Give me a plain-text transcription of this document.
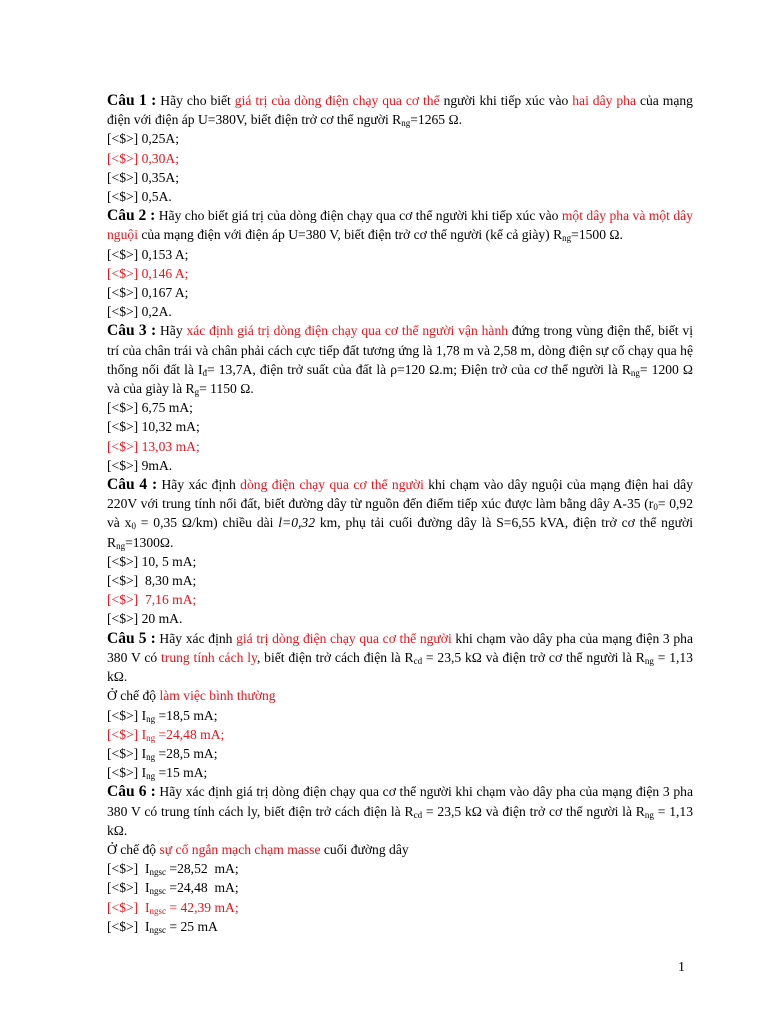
Câu 1 : Hãy cho biết giá trị của dòng điện chạy qua cơ thể người khi tiếp xúc vào hai dây pha của mạng điện với điện áp U=380V, biết điện trở cơ thể người $R_{ng}=1265$ Ω.

[<$>] 0,25A;

[<$>] 0,30A;

[<$>] 0,35A;

[<$>] 0,5A.

Câu 2 : Hãy cho biết giá trị của dòng điện chạy qua cơ thể người khi tiếp xúc vào một dây pha và một dây nguội của mạng điện với điện áp U=380 V, biết điện trở cơ thể người (kể cả giày) $R_{ng}=1500$ Ω.

[<$>] 0,153 A;

[<$>] 0,146 A;

[<$>] 0,167 A;

[<$>] 0,2A.

Câu 3 : Hãy xác định giá trị dòng điện chạy qua cơ thể người vận hành đứng trong vùng điện thế, biết vị trí của chân trái và chân phải cách cực tiếp đất tương ứng là 1,78 m và 2,58 m, dòng điện sự cố chạy qua hệ thống nối đất là $I_đ= 13,7A$, điện trở suất của đất là ρ=120 Ω.m; Điện trở của cơ thể người là $R_{ng}= 1200$ Ω và của giày là $R_g= 1150$ Ω.

[<$>] 6,75 mA;

[<$>] 10,32 mA;

[<$>] 13,03 mA;

[<$>] 9mA.

Câu 4 : Hãy xác định dòng điện chạy qua cơ thể người khi chạm vào dây nguội của mạng điện hai dây 220V với trung tính nối đất, biết đường dây từ nguồn đến điểm tiếp xúc được làm bằng dây A-35 ($r_0= 0,92$ và $x_0 = 0,35$ Ω/km) chiều dài l=0,32 km, phụ tải cuối đường dây là S=6,55 kVA, điện trở cơ thể người $R_{ng}=1300\Omega$.

[<$>] 10, 5 mA;

[<$>]  8,30 mA;

[<$>]  7,16 mA;

[<$>] 20 mA.

Câu 5 : Hãy xác định giá trị dòng điện chạy qua cơ thể người khi chạm vào dây pha của mạng điện 3 pha 380 V có trung tính cách ly, biết điện trở cách điện là $R_{cd} = 23,5$ kΩ và điện trở cơ thể người là $R_{ng} = 1,13$ kΩ.

Ở chế độ làm việc bình thường

[<$>] $I_{ng} =18,5$ mA;

[<$>] $I_{ng} =24,48$ mA;

[<$>] $I_{ng} =28,5$ mA;

[<$>] $I_{ng} =15$ mA;

Câu 6 : Hãy xác định giá trị dòng điện chạy qua cơ thể người khi chạm vào dây pha của mạng điện 3 pha 380 V có trung tính cách ly, biết điện trở cách điện là $R_{cd} = 23,5$ kΩ và điện trở cơ thể người là $R_{ng} = 1,13$ kΩ.

Ở chế độ sự cố ngắn mạch chạm masse cuối đường dây

[<$>]  $I_{ngsc} =28,52$  mA;

[<$>]  $I_{ngsc} =24,48$  mA;

[<$>]  $I_{ngsc} = 42,39$ mA;

[<$>]  $I_{ngsc} = 25$ mA

1
